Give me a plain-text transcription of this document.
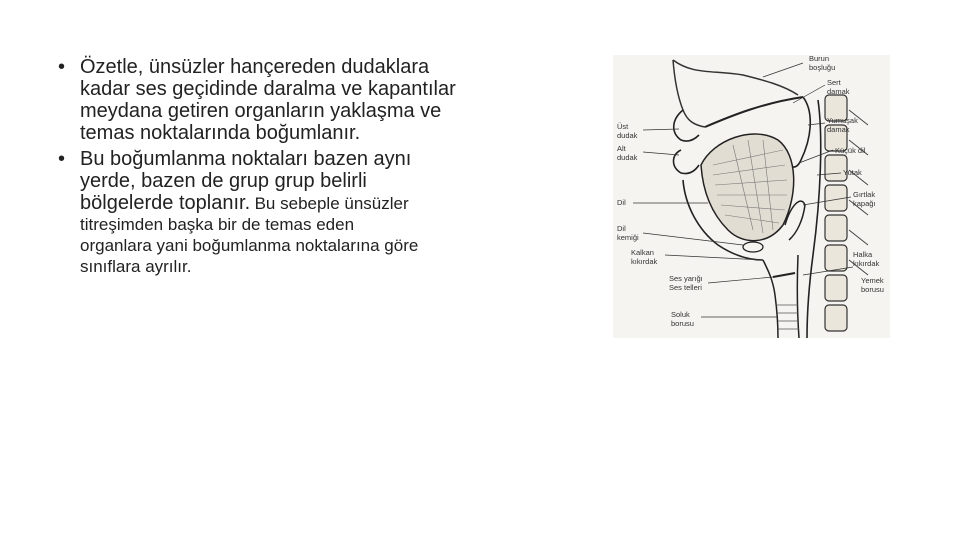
• Özetle, ünsüzler hançereden dudaklara
kadar ses geçidinde daralma ve kapantılar
meydana getiren organların yaklaşma ve
temas noktalarında boğumlanır.
• Bu boğumlanma noktaları bazen aynı
yerde, bazen de grup grup belirli
bölgelerde toplanır. Bu sebeple ünsüzler
titreşimden başka bir de temas eden
organlara yani boğumlanma noktalarına göre
sınıflara ayrılır.
Burun
boşluğu
Sert
damak
Yumuşak
damak
Küçük dil
Yutak
Gırtlak
kapağı
Halka
kıkırdak
Yemek
borusu
Üst
dudak
Alt
dudak
Dil
Dil
kemiği
Kalkan
kıkırdak
Ses yarığı
Ses telleri
Soluk
borusu
